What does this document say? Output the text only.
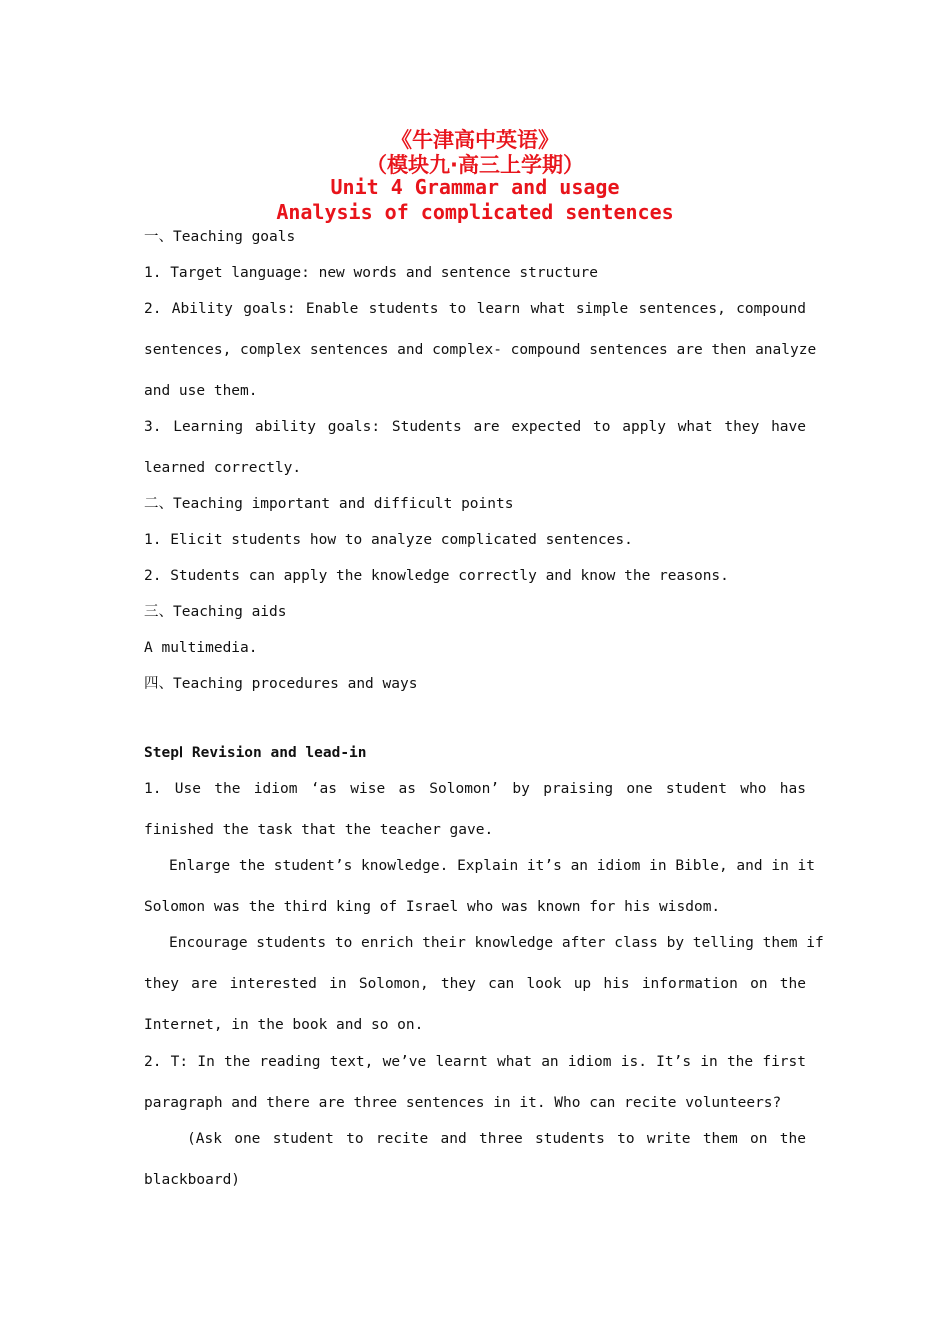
《牛津高中英语》
（模块九·高三上学期）
Unit 4 Grammar and usage
Analysis of complicated sentences
一、Teaching goals
1. Target language: new words and sentence structure
2. Ability goals: Enable students to learn what simple sentences, compound
sentences, complex sentences and complex- compound sentences are then analyze
and use them.
3. Learning ability goals: Students are expected to apply what they have
learned correctly.
二、Teaching important and difficult points
1. Elicit students how to analyze complicated sentences.
2. Students can apply the knowledge correctly and know the reasons.
三、Teaching aids
A multimedia.
四、Teaching procedures and ways
StepⅠ Revision and lead-in
1. Use the idiom ‘as wise as Solomon’ by praising one student who has
finished the task that the teacher gave.
Enlarge the student’s knowledge. Explain it’s an idiom in Bible, and in it
Solomon was the third king of Israel who was known for his wisdom.
Encourage students to enrich their knowledge after class by telling them if
they are interested in Solomon, they can look up his information on the
Internet, in the book and so on.
2. T: In the reading text, we’ve learnt what an idiom is. It’s in the first
paragraph and there are three sentences in it. Who can recite volunteers?
(Ask one student to recite and three students to write them on the
blackboard)
